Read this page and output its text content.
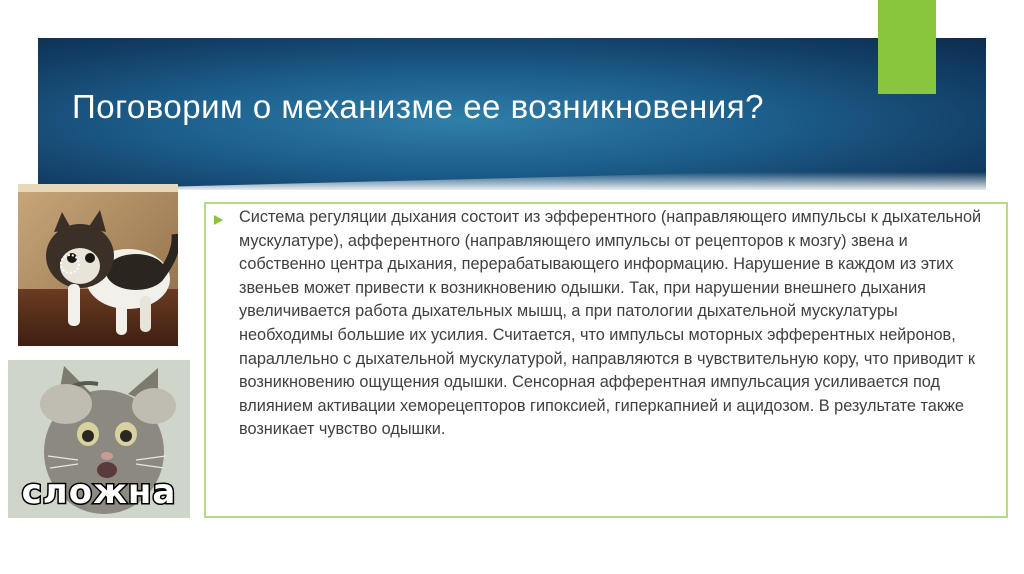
Поговорим о механизме ее возникновения?
Система регуляции дыхания состоит из эфферентного (направляющего импульсы к дыхательной мускулатуре), афферентного (направляющего импульсы от рецепторов к мозгу) звена и собственно центра дыхания, перерабатывающего информацию. Нарушение в каждом из этих звеньев может привести к возникновению одышки. Так, при нарушении внешнего дыхания увеличивается работа дыхательных мышц, а при патологии дыхательной мускулатуры необходимы большие их усилия. Считается, что импульсы моторных эфферентных нейронов, параллельно с дыхательной мускулатурой, направляются в чувствительную кору, что приводит к возникновению ощущения одышки. Сенсорная афферентная импульсация усиливается под влиянием активации хеморецепторов гипоксией, гиперкапнией и ацидозом. В результате также возникает чувство одышки.
сложна
